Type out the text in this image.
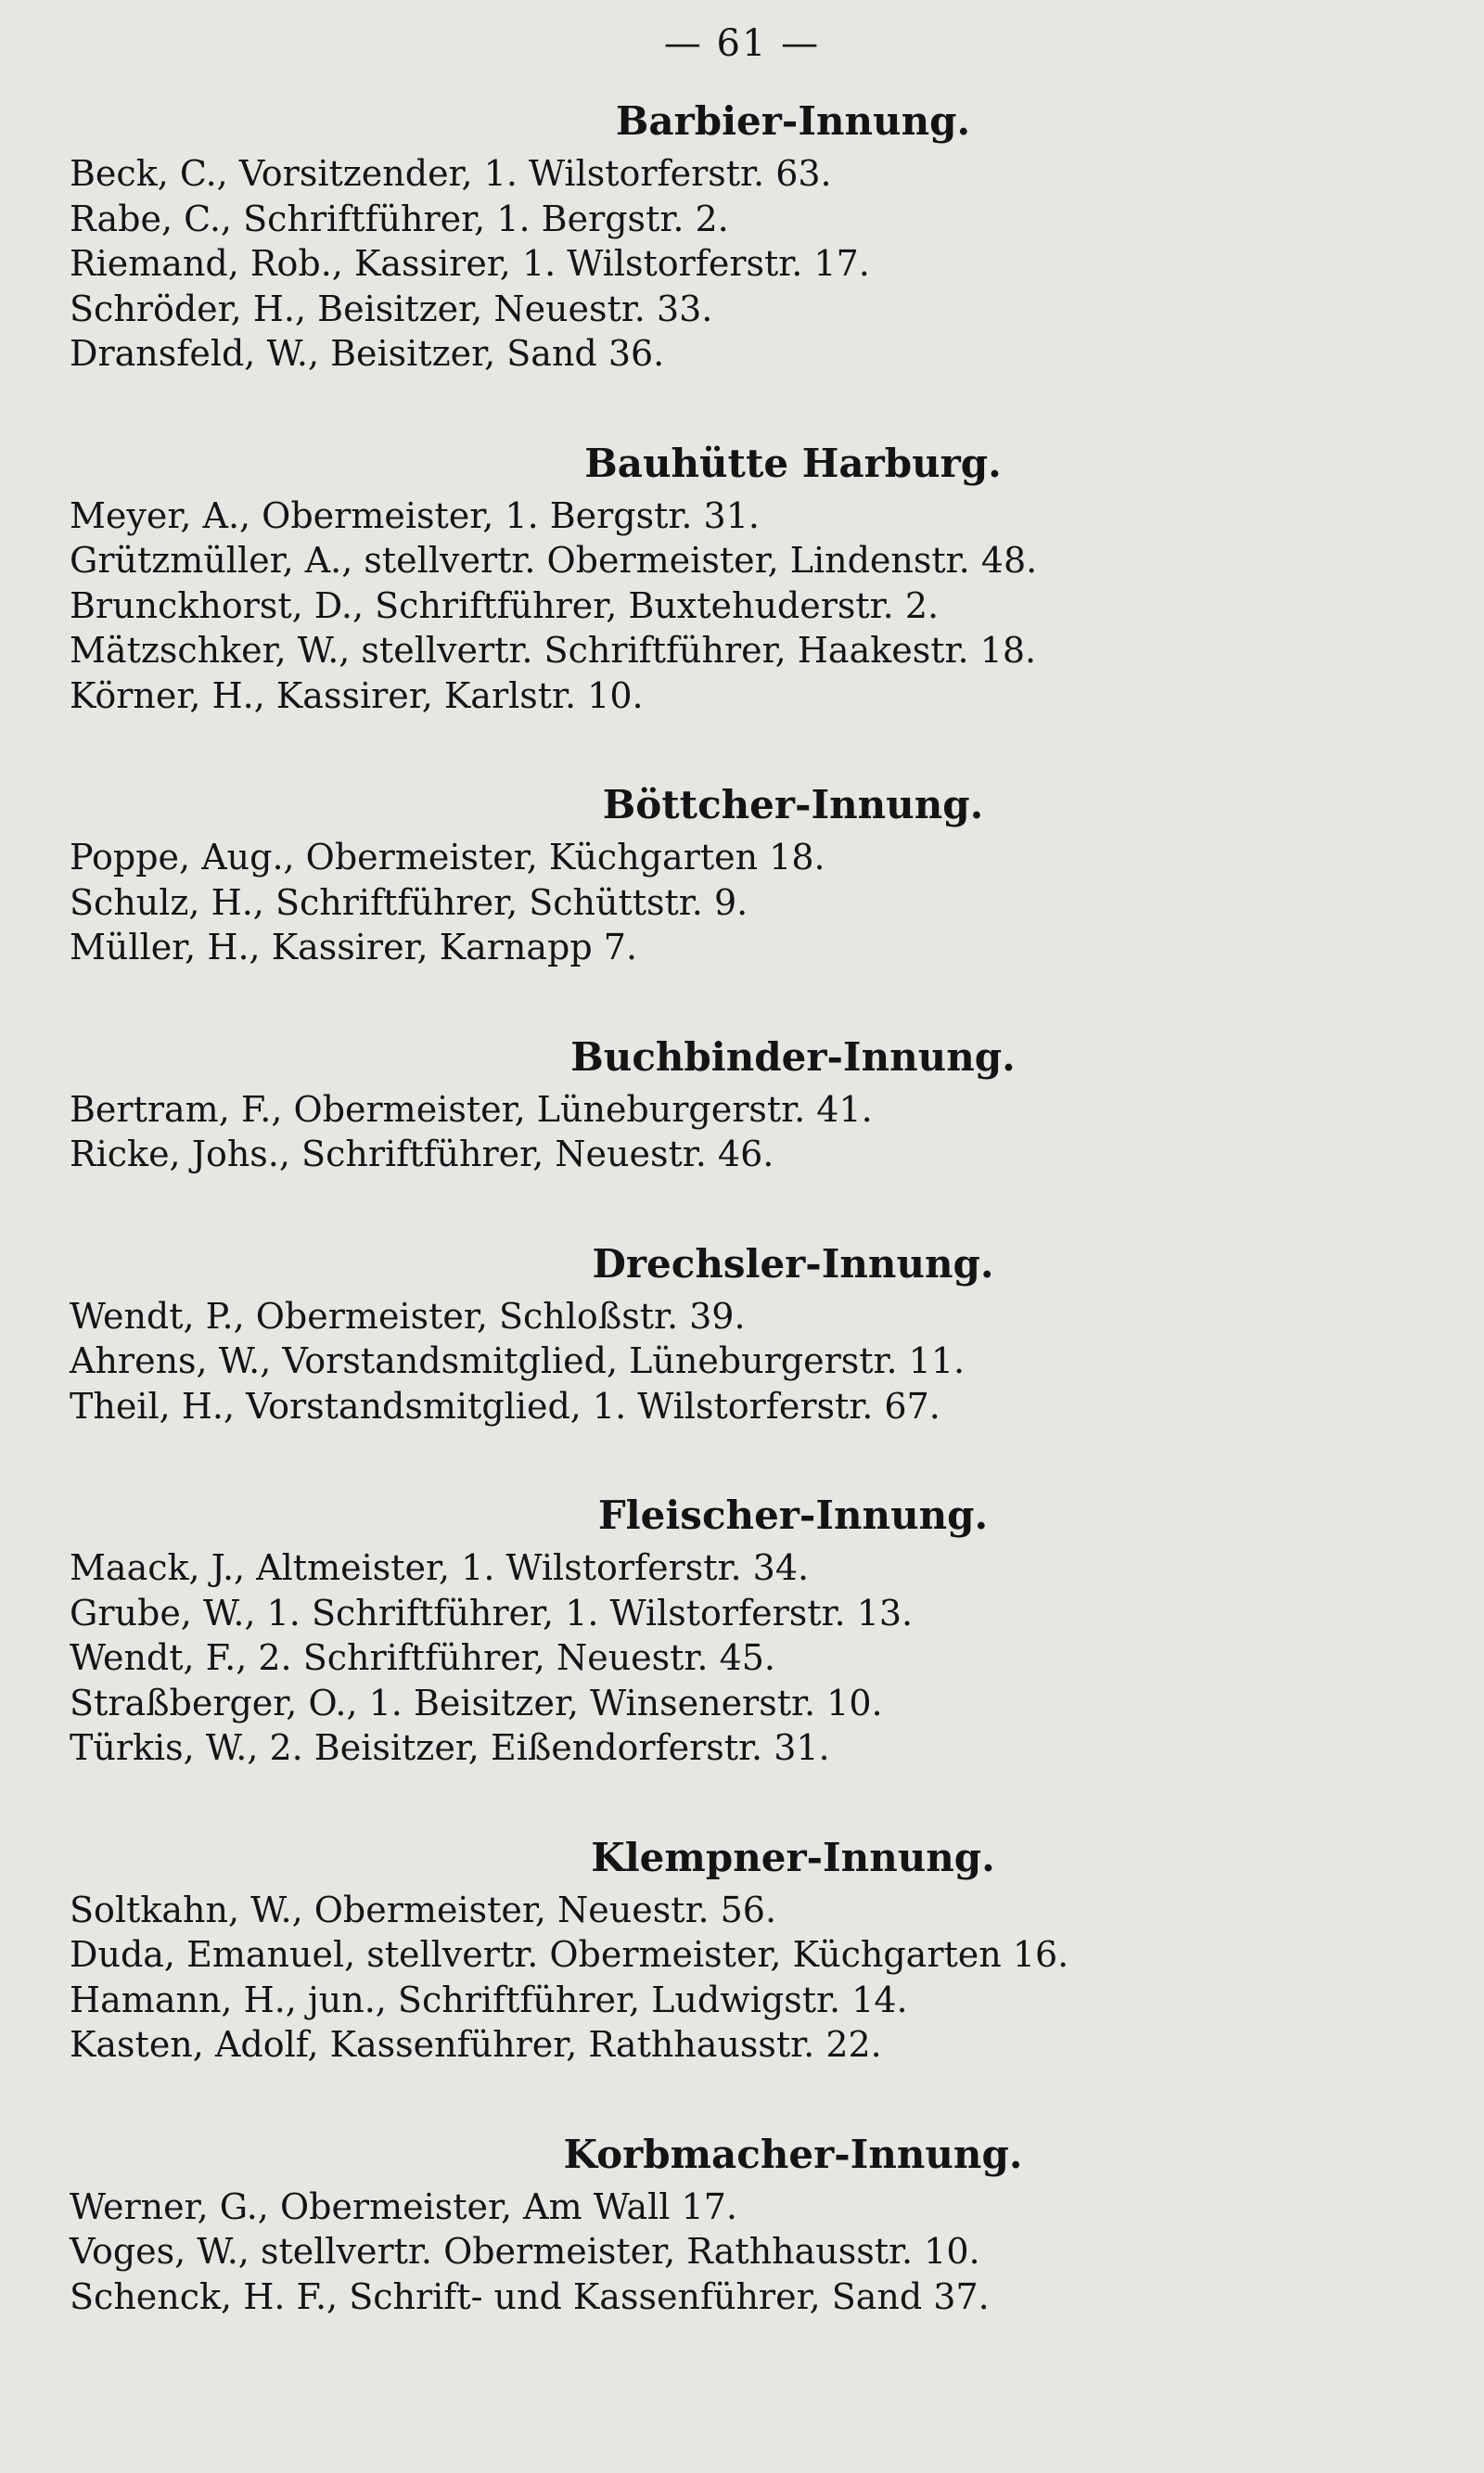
— 61 —
Barbier-Innung.
Beck, C., Vorsitzender, 1. Wilstorferstr. 63.
Rabe, C., Schriftführer, 1. Bergstr. 2.
Riemand, Rob., Kassirer, 1. Wilstorferstr. 17.
Schröder, H., Beisitzer, Neuestr. 33.
Dransfeld, W., Beisitzer, Sand 36.
Bauhütte Harburg.
Meyer, A., Obermeister, 1. Bergstr. 31.
Grützmüller, A., stellvertr. Obermeister, Lindenstr. 48.
Brunckhorst, D., Schriftführer, Buxtehuderstr. 2.
Mätzschker, W., stellvertr. Schriftführer, Haakestr. 18.
Körner, H., Kassirer, Karlstr. 10.
Böttcher-Innung.
Poppe, Aug., Obermeister, Küchgarten 18.
Schulz, H., Schriftführer, Schüttstr. 9.
Müller, H., Kassirer, Karnapp 7.
Buchbinder-Innung.
Bertram, F., Obermeister, Lüneburgerstr. 41.
Ricke, Johs., Schriftführer, Neuestr. 46.
Drechsler-Innung.
Wendt, P., Obermeister, Schloßstr. 39.
Ahrens, W., Vorstandsmitglied, Lüneburgerstr. 11.
Theil, H., Vorstandsmitglied, 1. Wilstorferstr. 67.
Fleischer-Innung.
Maack, J., Altmeister, 1. Wilstorferstr. 34.
Grube, W., 1. Schriftführer, 1. Wilstorferstr. 13.
Wendt, F., 2. Schriftführer, Neuestr. 45.
Straßberger, O., 1. Beisitzer, Winsenerstr. 10.
Türkis, W., 2. Beisitzer, Eißendorferstr. 31.
Klempner-Innung.
Soltkahn, W., Obermeister, Neuestr. 56.
Duda, Emanuel, stellvertr. Obermeister, Küchgarten 16.
Hamann, H., jun., Schriftführer, Ludwigstr. 14.
Kasten, Adolf, Kassenführer, Rathhausstr. 22.
Korbmacher-Innung.
Werner, G., Obermeister, Am Wall 17.
Voges, W., stellvertr. Obermeister, Rathhausstr. 10.
Schenck, H. F., Schrift- und Kassenführer, Sand 37.
